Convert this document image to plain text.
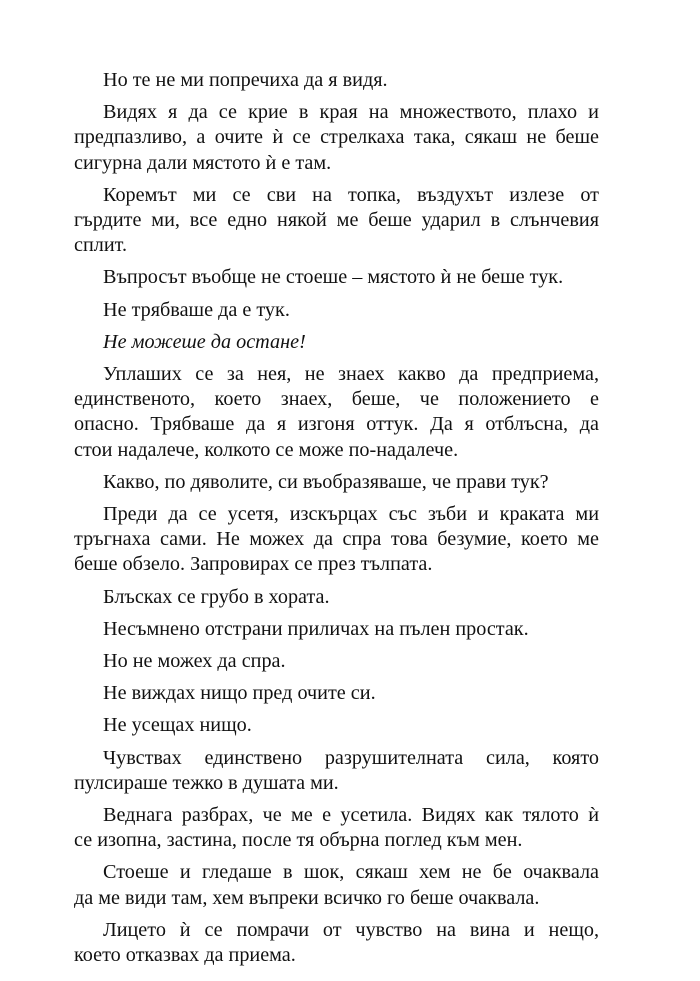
Но те не ми попречиха да я видя.

Видях я да се крие в края на множеството, плахо и
предпазливо, а очите ѝ се стрелкаха така, сякаш не беше
сигурна дали мястото ѝ е там.

Коремът ми се сви на топка, въздухът излезе от
гърдите ми, все едно някой ме беше ударил в слънчевия
сплит.

Въпросът въобще не стоеше – мястото ѝ не беше тук.

Не трябваше да е тук.

Не можеше да остане!

Уплаших се за нея, не знаех какво да предприема,
единственото, което знаех, беше, че положението е
опасно. Трябваше да я изгоня оттук. Да я отблъсна, да
стои надалече, колкото се може по-надалече.

Какво, по дяволите, си въобразяваше, че прави тук?

Преди да се усетя, изскърцах със зъби и краката ми
тръгнаха сами. Не можех да спра това безумие, което ме
беше обзело. Запровирах се през тълпата.

Блъсках се грубо в хората.

Несъмнено отстрани приличах на пълен простак.

Но не можех да спра.

Не виждах нищо пред очите си.

Не усещах нищо.

Чувствах единствено разрушителната сила, която
пулсираше тежко в душата ми.

Веднага разбрах, че ме е усетила. Видях как тялото ѝ
се изопна, застина, после тя обърна поглед към мен.

Стоеше и гледаше в шок, сякаш хем не бе очаквала
да ме види там, хем въпреки всичко го беше очаквала.

Лицето ѝ се помрачи от чувство на вина и нещо,
което отказвах да приема.
